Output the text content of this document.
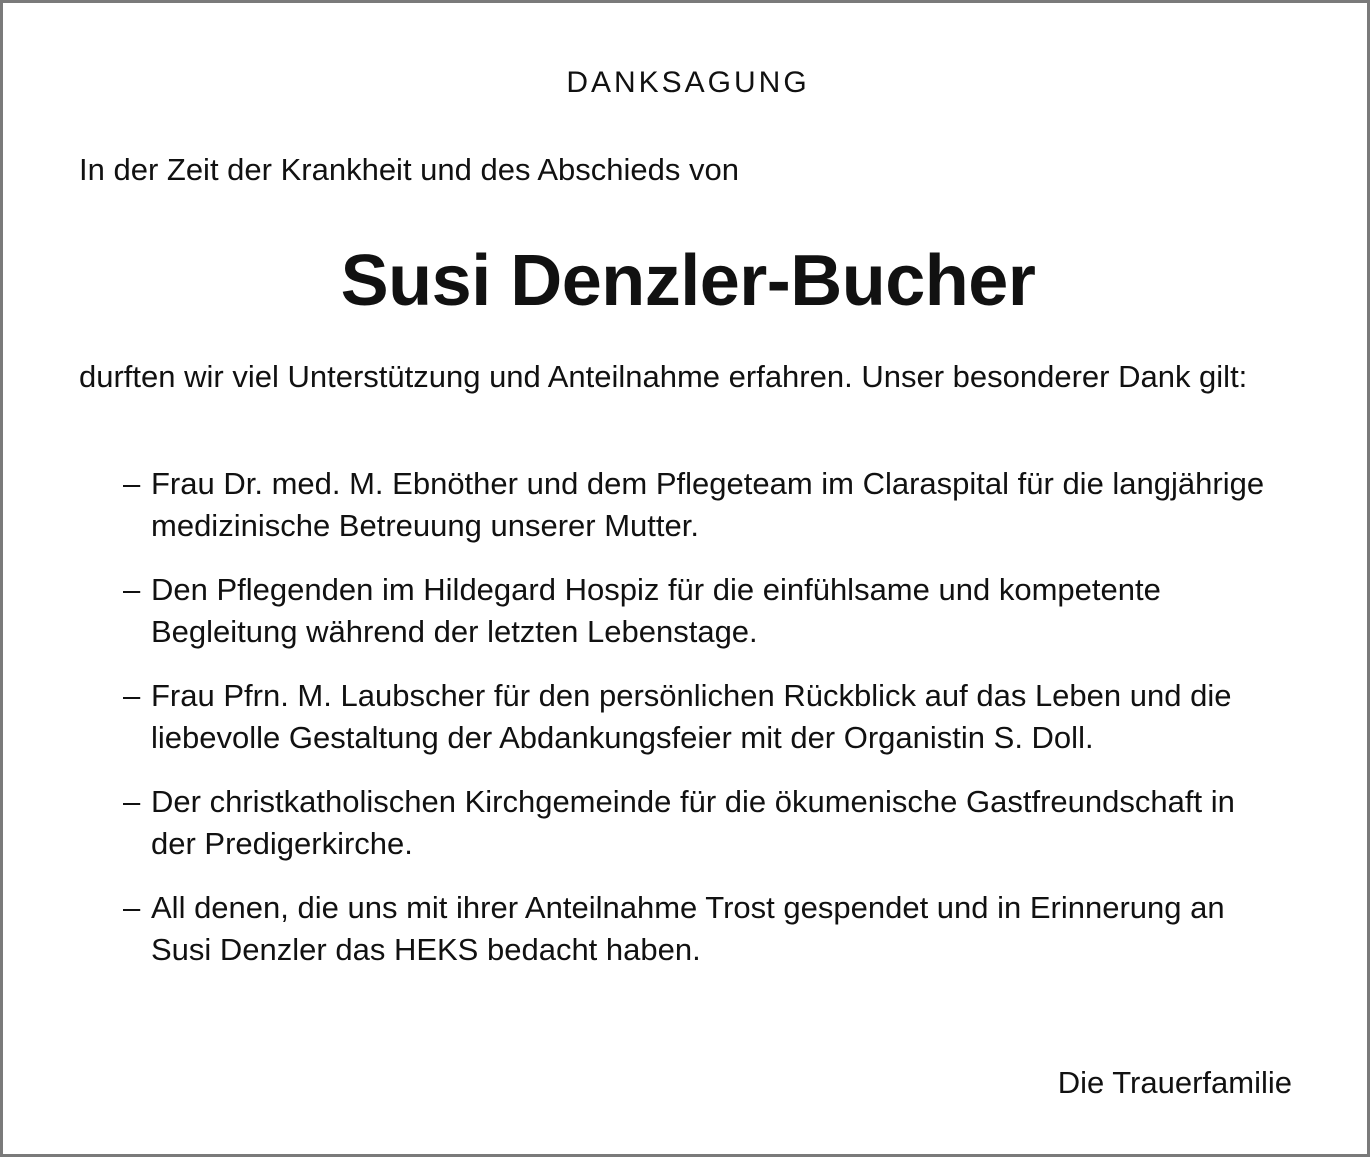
DANKSAGUNG
In der Zeit der Krankheit und des Abschieds von
Susi Denzler-Bucher
durften wir viel Unterstützung und Anteilnahme erfahren. Unser besonderer Dank gilt:
– Frau Dr. med. M. Ebnöther und dem Pflegeteam im Claraspital für die langjährige medizinische Betreuung unserer Mutter.
– Den Pflegenden im Hildegard Hospiz für die einfühlsame und kompetente Begleitung während der letzten Lebenstage.
– Frau Pfrn. M. Laubscher für den persönlichen Rückblick auf das Leben und die liebevolle Gestaltung der Abdankungsfeier mit der Organistin S. Doll.
– Der christkatholischen Kirchgemeinde für die ökumenische Gastfreundschaft in der Predigerkirche.
– All denen, die uns mit ihrer Anteilnahme Trost gespendet und in Erinnerung an Susi Denzler das HEKS bedacht haben.
Die Trauerfamilie
